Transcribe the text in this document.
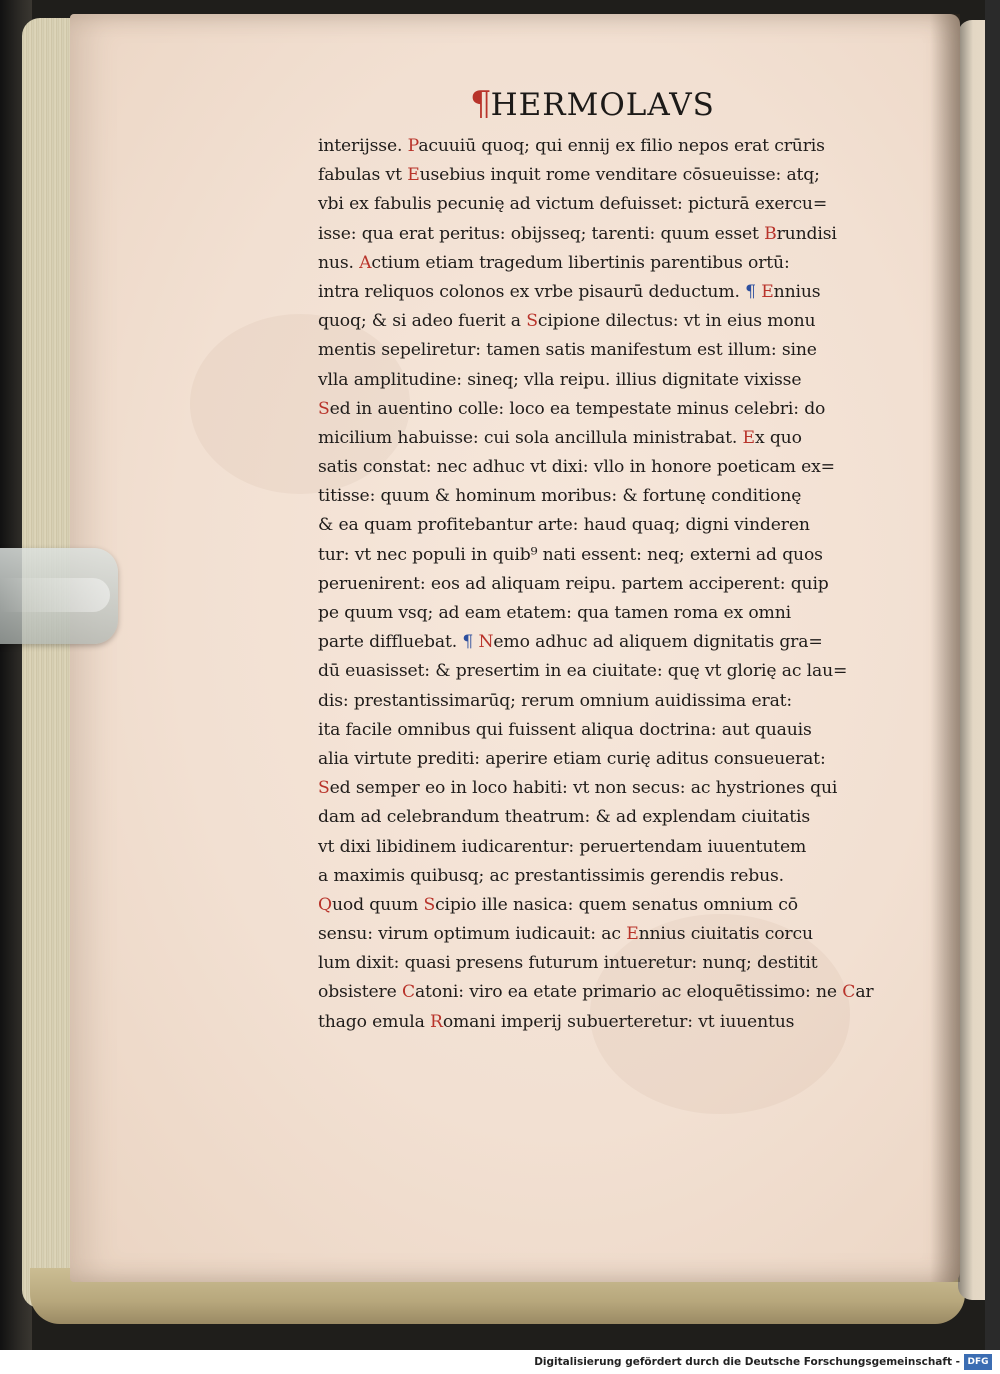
¶HERMOLAVS
interijsse. Pacuuiū quoq; qui ennij ex filio nepos erat crūris
fabulas vt Eusebius inquit rome venditare cōsueuisse: atq;
vbi ex fabulis pecunię ad victum defuisset: picturā exercu=
isse: qua erat peritus: obijsseq; tarenti: quum esset Brundisi
nus. Actium etiam tragedum libertinis parentibus ortū:
intra reliquos colonos ex vrbe pisaurū deductum. ¶ Ennius
quoq; & si adeo fuerit a Scipione dilectus: vt in eius monu
mentis sepeliretur: tamen satis manifestum est illum: sine
vlla amplitudine: sineq; vlla reipu. illius dignitate vixisse
Sed in auentino colle: loco ea tempestate minus celebri: do
micilium habuisse: cui sola ancillula ministrabat. Ex quo
satis constat: nec adhuc vt dixi: vllo in honore poeticam ex=
titisse: quum & hominum moribus: & fortunę conditionę
& ea quam profitebantur arte: haud quaq; digni vinderen
tur: vt nec populi in quib⁹ nati essent: neq; externi ad quos
peruenirent: eos ad aliquam reipu. partem acciperent: quip
pe quum vsq; ad eam etatem: qua tamen roma ex omni
parte diffluebat. ¶ Nemo adhuc ad aliquem dignitatis gra=
dū euasisset: & presertim in ea ciuitate: quę vt glorię ac lau=
dis: prestantissimarūq; rerum omnium auidissima erat:
ita facile omnibus qui fuissent aliqua doctrina: aut quauis
alia virtute prediti: aperire etiam curię aditus consueuerat:
Sed semper eo in loco habiti: vt non secus: ac hystriones qui
dam ad celebrandum theatrum: & ad explendam ciuitatis
vt dixi libidinem iudicarentur: peruertendam iuuentutem
a maximis quibusq; ac prestantissimis gerendis rebus.
Quod quum Scipio ille nasica: quem senatus omnium cō
sensu: virum optimum iudicauit: ac Ennius ciuitatis corcu
lum dixit: quasi presens futurum intueretur: nunq; destitit
obsistere Catoni: viro ea etate primario ac eloquētissimo: ne Car
thago emula Romani imperij subuerteretur: vt iuuentus
Digitalisierung gefördert durch die Deutsche Forschungsgemeinschaft - DFG
